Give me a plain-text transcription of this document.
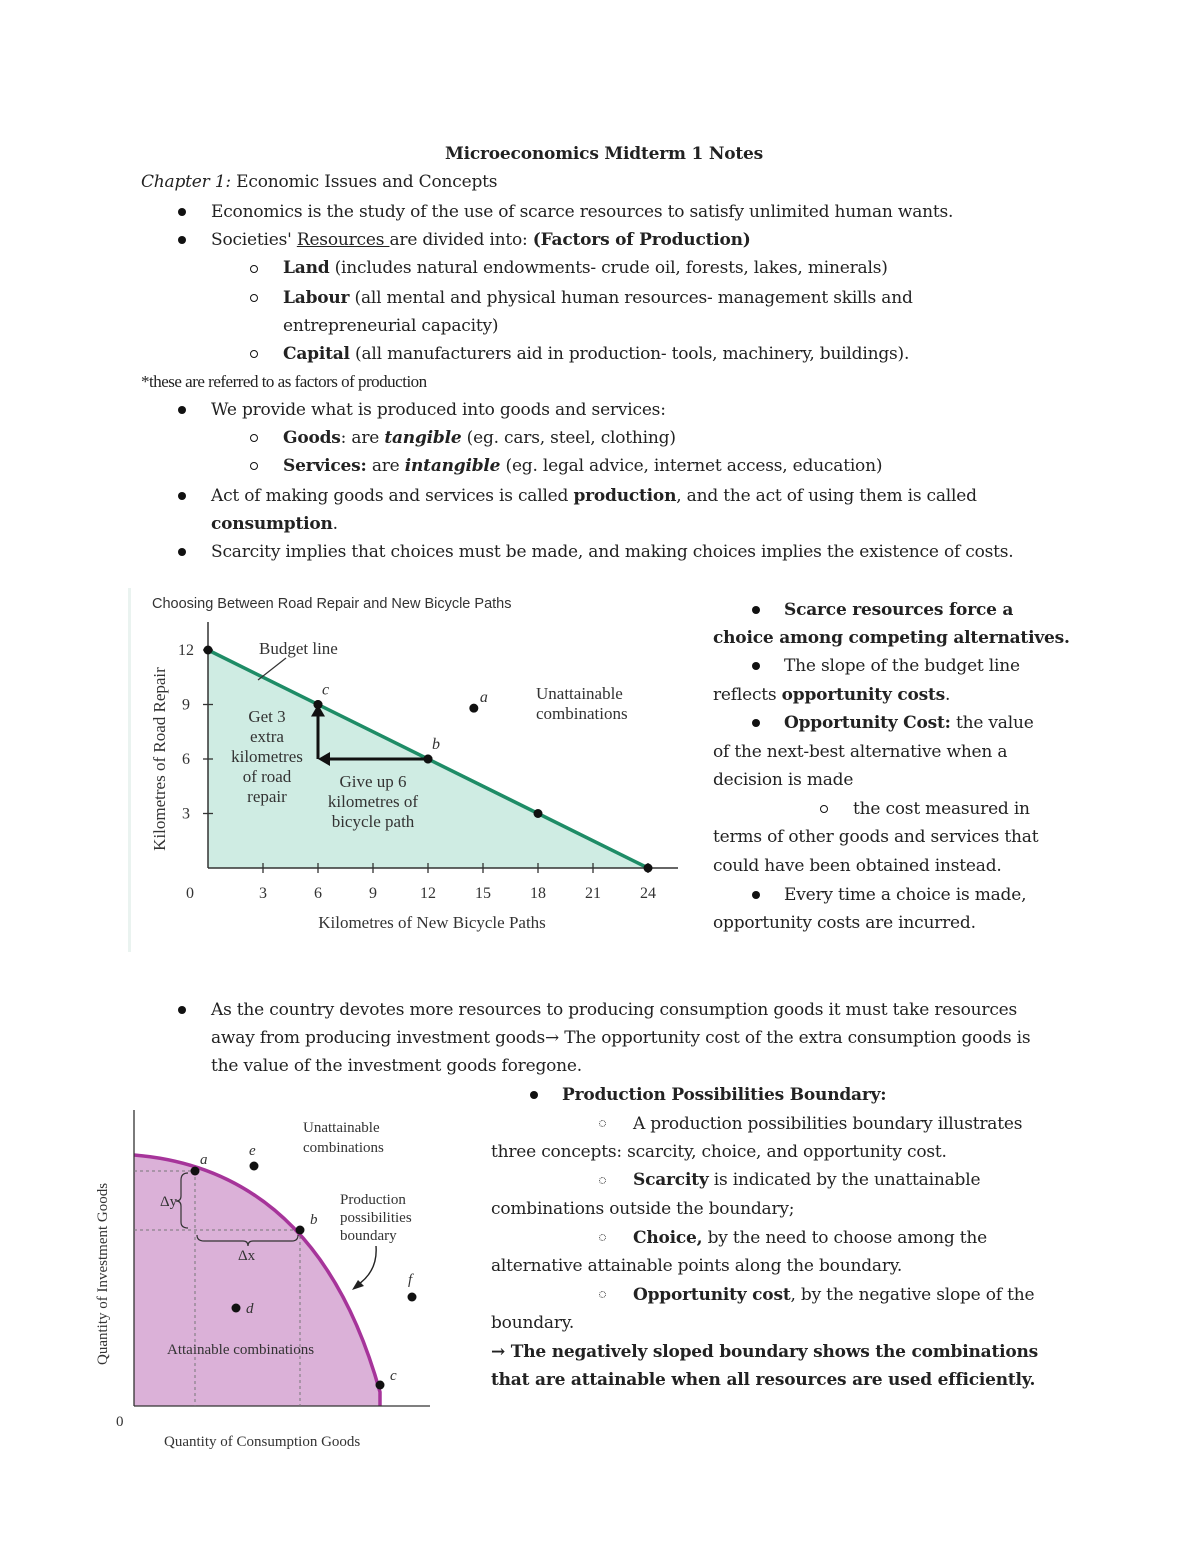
Microeconomics Midterm 1 Notes
Chapter 1: Economic Issues and Concepts
Economics is the study of the use of scarce resources to satisfy unlimited human wants.
Societies' Resources are divided into: (Factors of Production)
Land (includes natural endowments- crude oil, forests, lakes, minerals)
Labour (all mental and physical human resources- management skills and
entrepreneurial capacity)
Capital (all manufacturers aid in production- tools, machinery, buildings).
*these are referred to as factors of production
We provide what is produced into goods and services:
Goods: are tangible (eg. cars, steel, clothing)
Services: are intangible (eg. legal advice, internet access, education)
Act of making goods and services is called production, and the act of using them is called
consumption.
Scarcity implies that choices must be made, and making choices implies the existence of costs.
Choosing Between Road Repair and New Bicycle Paths
0	3	6	9	12 15 18 21 24
3
6
9
12
Kilometres of New Bicycle Paths
Kilometres of Road Repair	a
b
c
Budget line
Unattainable
combinations
Get 3
extra
kilometres
of road
repair
Give up 6
kilometres of
bicycle path
Scarce resources force a
choice among competing alternatives.
The slope of the budget line
reflects opportunity costs.
Opportunity Cost: the value
of the next-best alternative when a
decision is made
the cost measured in
terms of other goods and services that
could have been obtained instead.
Every time a choice is made,
opportunity costs are incurred.
As the country devotes more resources to producing consumption goods it must take resources
away from producing investment goods→ The opportunity cost of the extra consumption goods is
the value of the investment goods foregone.
Δy
Δx
a
b
c
d
e
f
Unattainable
combinations
Production
possibilities
boundary
Attainable combinations
0
Quantity of Consumption Goods
Quantity of Investment Goods
Production Possibilities Boundary:
A production possibilities boundary illustrates
three concepts: scarcity, choice, and opportunity cost.
Scarcity is indicated by the unattainable
combinations outside the boundary;
Choice, by the need to choose among the
alternative attainable points along the boundary.
Opportunity cost, by the negative slope of the
boundary.
→ The negatively sloped boundary shows the combinations
that are attainable when all resources are used efficiently.
